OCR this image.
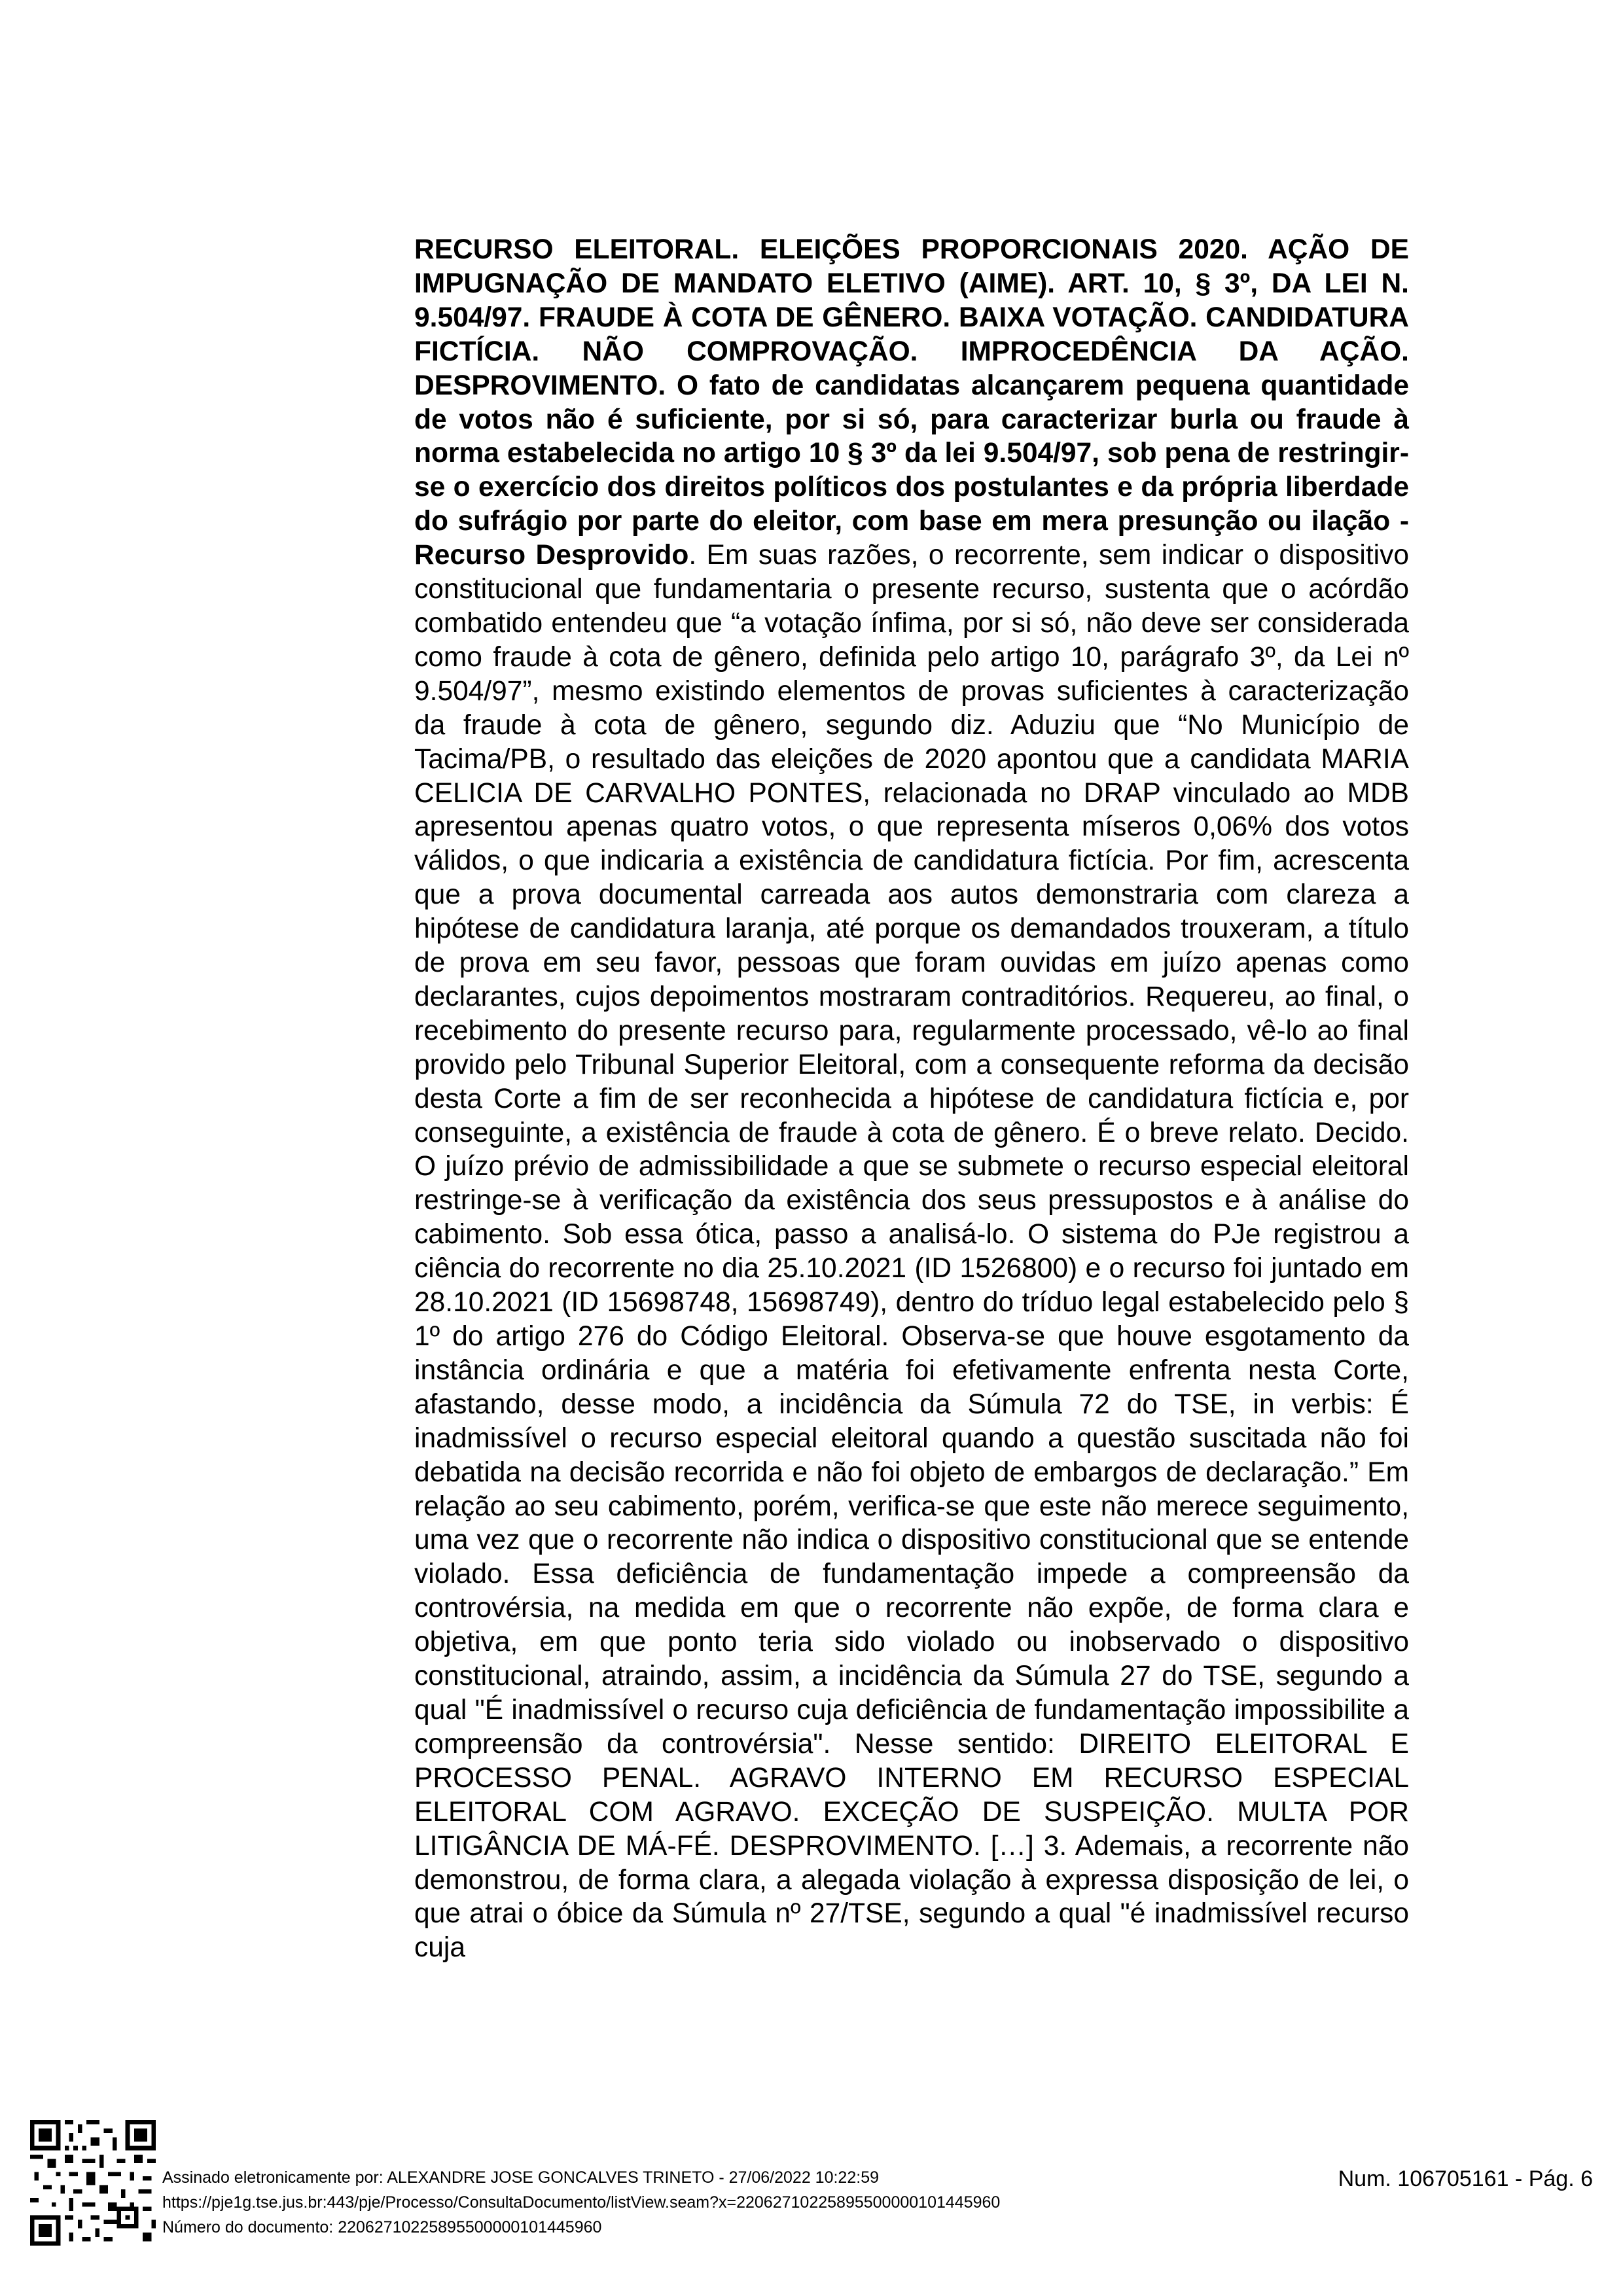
RECURSO ELEITORAL. ELEIÇÕES PROPORCIONAIS 2020. AÇÃO DE IMPUGNAÇÃO DE MANDATO ELETIVO (AIME). ART. 10, § 3º, DA LEI N. 9.504/97. FRAUDE À COTA DE GÊNERO. BAIXA VOTAÇÃO. CANDIDATURA FICTÍCIA. NÃO COMPROVAÇÃO. IMPROCEDÊNCIA DA AÇÃO. DESPROVIMENTO. O fato de candidatas alcançarem pequena quantidade de votos não é suficiente, por si só, para caracterizar burla ou fraude à norma estabelecida no artigo 10 § 3º da lei 9.504/97, sob pena de restringir-se o exercício dos direitos políticos dos postulantes e da própria liberdade do sufrágio por parte do eleitor, com base em mera presunção ou ilação - Recurso Desprovido. Em suas razões, o recorrente, sem indicar o dispositivo constitucional que fundamentaria o presente recurso, sustenta que o acórdão combatido entendeu que “a votação ínfima, por si só, não deve ser considerada como fraude à cota de gênero, definida pelo artigo 10, parágrafo 3º, da Lei nº 9.504/97”, mesmo existindo elementos de provas suficientes à caracterização da fraude à cota de gênero, segundo diz. Aduziu que “No Município de Tacima/PB, o resultado das eleições de 2020 apontou que a candidata MARIA CELICIA DE CARVALHO PONTES, relacionada no DRAP vinculado ao MDB apresentou apenas quatro votos, o que representa míseros 0,06% dos votos válidos, o que indicaria a existência de candidatura fictícia. Por fim, acrescenta que a prova documental carreada aos autos demonstraria com clareza a hipótese de candidatura laranja, até porque os demandados trouxeram, a título de prova em seu favor, pessoas que foram ouvidas em juízo apenas como declarantes, cujos depoimentos mostraram contraditórios. Requereu, ao final, o recebimento do presente recurso para, regularmente processado, vê-lo ao final provido pelo Tribunal Superior Eleitoral, com a consequente reforma da decisão desta Corte a fim de ser reconhecida a hipótese de candidatura fictícia e, por conseguinte, a existência de fraude à cota de gênero. É o breve relato. Decido. O juízo prévio de admissibilidade a que se submete o recurso especial eleitoral restringe-se à verificação da existência dos seus pressupostos e à análise do cabimento. Sob essa ótica, passo a analisá-lo. O sistema do PJe registrou a ciência do recorrente no dia 25.10.2021 (ID 1526800) e o recurso foi juntado em 28.10.2021 (ID 15698748, 15698749), dentro do tríduo legal estabelecido pelo § 1º do artigo 276 do Código Eleitoral. Observa-se que houve esgotamento da instância ordinária e que a matéria foi efetivamente enfrenta nesta Corte, afastando, desse modo, a incidência da Súmula 72 do TSE, in verbis: É inadmissível o recurso especial eleitoral quando a questão suscitada não foi debatida na decisão recorrida e não foi objeto de embargos de declaração.” Em relação ao seu cabimento, porém, verifica-se que este não merece seguimento, uma vez que o recorrente não indica o dispositivo constitucional que se entende violado. Essa deficiência de fundamentação impede a compreensão da controvérsia, na medida em que o recorrente não expõe, de forma clara e objetiva, em que ponto teria sido violado ou inobservado o dispositivo constitucional, atraindo, assim, a incidência da Súmula 27 do TSE, segundo a qual "É inadmissível o recurso cuja deficiência de fundamentação impossibilite a compreensão da controvérsia". Nesse sentido: DIREITO ELEITORAL E PROCESSO PENAL. AGRAVO INTERNO EM RECURSO ESPECIAL ELEITORAL COM AGRAVO. EXCEÇÃO DE SUSPEIÇÃO. MULTA POR LITIGÂNCIA DE MÁ-FÉ. DESPROVIMENTO. […] 3. Ademais, a recorrente não demonstrou, de forma clara, a alegada violação à expressa disposição de lei, o que atrai o óbice da Súmula nº 27/TSE, segundo a qual "é inadmissível recurso cuja

Assinado eletronicamente por: ALEXANDRE JOSE GONCALVES TRINETO - 27/06/2022 10:22:59
https://pje1g.tse.jus.br:443/pje/Processo/ConsultaDocumento/listView.seam?x=22062710225895500000101445960
Número do documento: 22062710225895500000101445960
Num. 106705161 - Pág. 6
